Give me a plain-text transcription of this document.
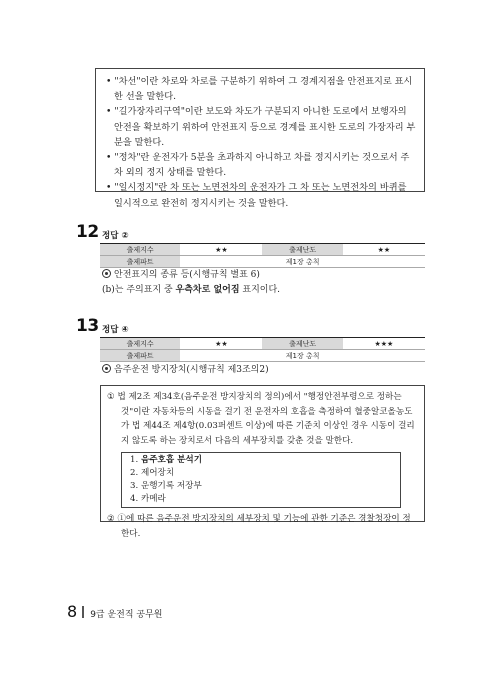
• "차선"이란 차로와 차로를 구분하기 위하여 그 경계지점을 안전표지로 표시한 선을 말한다.
• "길가장자리구역"이란 보도와 차도가 구분되지 아니한 도로에서 보행자의 안전을 확보하기 위하여 안전표지 등으로 경계를 표시한 도로의 가장자리 부분을 말한다.
• "정차"란 운전자가 5분을 초과하지 아니하고 차를 정지시키는 것으로서 주차 외의 정지 상태를 말한다.
• "일시정지"란 차 또는 노면전차의 운전자가 그 차 또는 노면전차의 바퀴를 일시적으로 완전히 정지시키는 것을 말한다.
12 정답 ②
출제지수	★★	출제난도	★★
출제파트	제1장 총칙		
안전표지의 종류 등(시행규칙 별표 6)
(b)는 주의표지 중 우측차로 없어짐 표지이다.
13 정답 ④
출제지수	★★	출제난도	★★★
출제파트	제1장 총칙		
음주운전 방지장치(시행규칙 제3조의2)
① 법 제2조 제34호(음주운전 방지장치의 정의)에서 "행정안전부령으로 정하는 것"이란 자동차등의 시동을 걸기 전 운전자의 호흡을 측정하여 혈중알코올농도가 법 제44조 제4항(0.03퍼센트 이상)에 따른 기준치 이상인 경우 시동이 걸리지 않도록 하는 장치로서 다음의 세부장치를 갖춘 것을 말한다.
1. 음주호흡 분석기
2. 제어장치
3. 운행기록 저장부
4. 카메라
② ①에 따른 음주운전 방지장치의 세부장치 및 기능에 관한 기준은 경찰청장이 정한다.
8 9급 운전직 공무원
